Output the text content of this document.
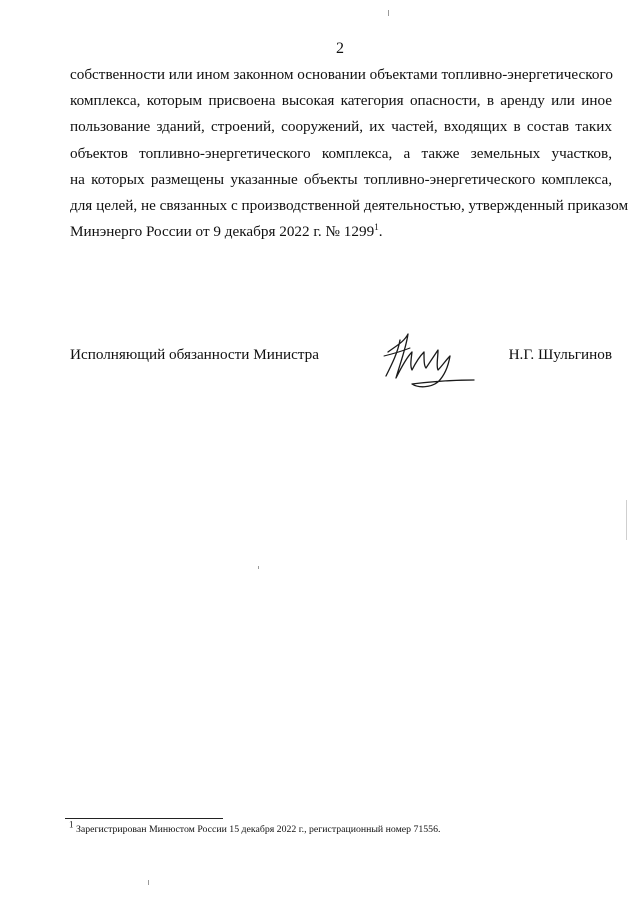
2
собственности или ином законном основании объектами топливно-энергетического
комплекса, которым присвоена высокая категория опасности, в аренду или иное
пользование зданий, строений, сооружений, их частей, входящих в состав таких
объектов топливно-энергетического комплекса, а также земельных участков,
на которых размещены указанные объекты топливно-энергетического комплекса,
для целей, не связанных с производственной деятельностью, утвержденный приказом
Минэнерго России от 9 декабря 2022 г. № 1299$^1$.
Исполняющий обязанности Министра	Н.Г. Шульгинов
$^1$ Зарегистрирован Минюстом России 15 декабря 2022 г., регистрационный номер 71556.
